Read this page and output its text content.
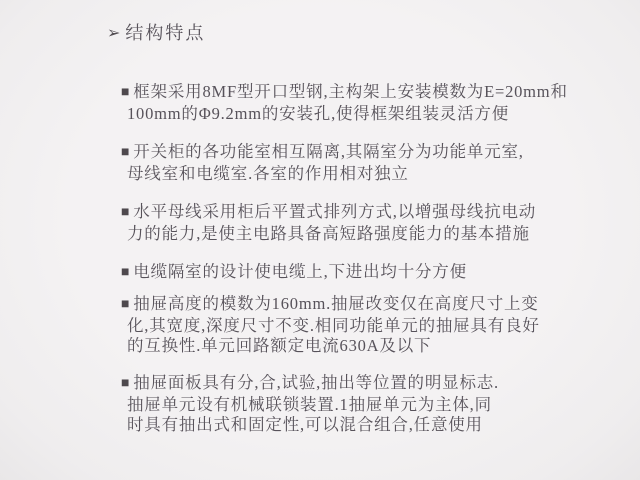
➢ 结构特点
■ 框架采用8MF型开口型钢,主构架上安装模数为E=20mm和
100mm的Φ9.2mm的安装孔,使得框架组装灵活方便
■ 开关柜的各功能室相互隔离,其隔室分为功能单元室,
母线室和电缆室.各室的作用相对独立
■ 水平母线采用柜后平置式排列方式,以增强母线抗电动
力的能力,是使主电路具备高短路强度能力的基本措施
■ 电缆隔室的设计使电缆上,下进出均十分方便
■ 抽屉高度的模数为160mm.抽屉改变仅在高度尺寸上变
化,其宽度,深度尺寸不变.相同功能单元的抽屉具有良好
的互换性.单元回路额定电流630A及以下
■ 抽屉面板具有分,合,试验,抽出等位置的明显标志.
抽屉单元设有机械联锁装置.1抽屉单元为主体,同
时具有抽出式和固定性,可以混合组合,任意使用
